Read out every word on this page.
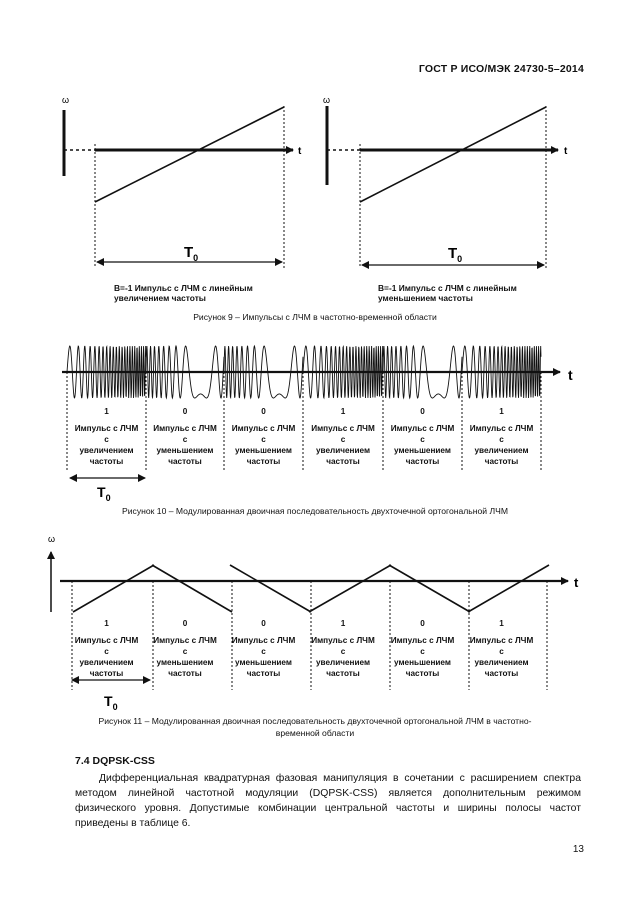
ГОСТ Р ИСО/МЭК 24730-5–2014
ω
t
$T_0$
ω
t
$T_0$
В=-1 Импульс с ЛЧМ с линейным
увеличением частоты
В=-1 Импульс с ЛЧМ с линейным
уменьшением частоты
Рисунок 9 – Импульсы с ЛЧМ в частотно-временной области
t
$T_0$
1
Импульс с ЛЧМ
с
увеличением
частоты
0
Импульс с ЛЧМ
с
уменьшением
частоты
0
Импульс с ЛЧМ
с
уменьшением
частоты
1
Импульс с ЛЧМ
с
увеличением
частоты
0
Импульс с ЛЧМ
с
уменьшением
частоты
1
Импульс с ЛЧМ
с
увеличением
частоты
Рисунок 10 – Модулированная двоичная последовательность двухточечной ортогональной ЛЧМ
ω
t
$T_0$
1
Импульс с ЛЧМ
с
увеличением
частоты
0
Импульс с ЛЧМ
с
уменьшением
частоты
0
Импульс с ЛЧМ
с
уменьшением
частоты
1
Импульс с ЛЧМ
с
увеличением
частоты
0
Импульс с ЛЧМ
с
уменьшением
частоты
1
Импульс с ЛЧМ
с
увеличением
частоты
Рисунок 11 – Модулированная двоичная последовательность двухточечной ортогональной ЛЧМ в частотно-
временной области
7.4 DQPSK-CSS
Дифференциальная квадратурная фазовая манипуляция в сочетании с расширением спектра методом линейной частотной модуляции (DQPSK-CSS) является дополнительным режимом физического уровня. Допустимые комбинации центральной частоты и ширины полосы частот приведены в таблице 6.
13
